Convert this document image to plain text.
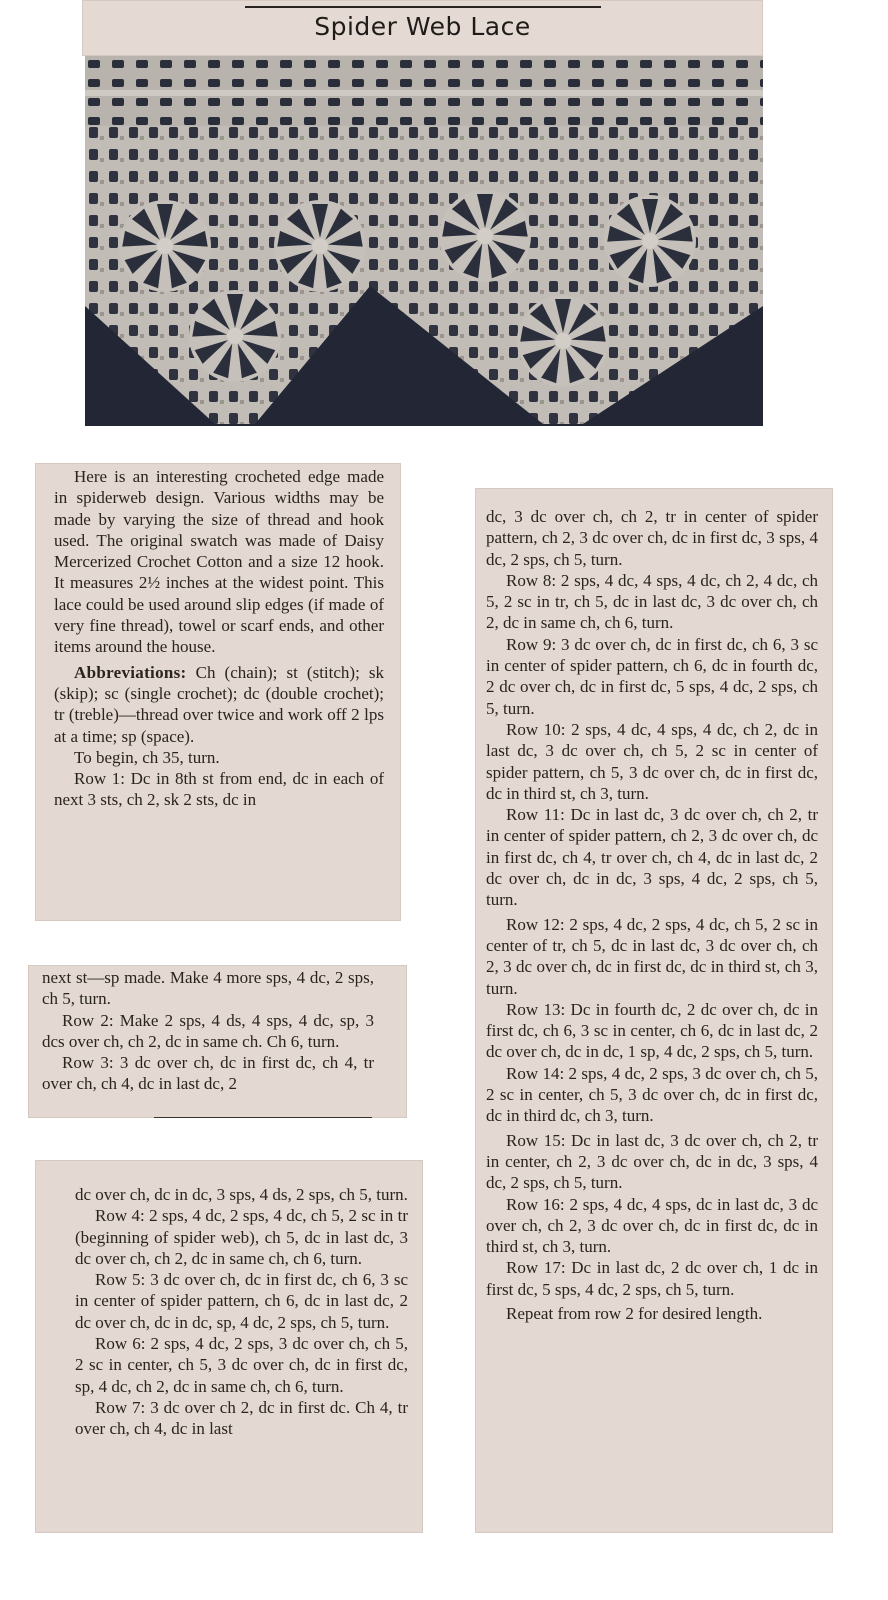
Spider Web Lace

Here is an interesting crocheted edge made in spiderweb design. Various widths may be made by varying the size of thread and hook used. The original swatch was made of Daisy Mercerized Crochet Cotton and a size 12 hook. It measures 2½ inches at the widest point. This lace could be used around slip edges (if made of very fine thread), towel or scarf ends, and other items around the house.

Abbreviations: Ch (chain); st (stitch); sk (skip); sc (single crochet); dc (double crochet); tr (treble)—thread over twice and work off 2 lps at a time; sp (space).

To begin, ch 35, turn.

Row 1: Dc in 8th st from end, dc in each of next 3 sts, ch 2, sk 2 sts, dc in

next st—sp made. Make 4 more sps, 4 dc, 2 sps, ch 5, turn.

Row 2: Make 2 sps, 4 ds, 4 sps, 4 dc, sp, 3 dcs over ch, ch 2, dc in same ch. Ch 6, turn.

Row 3: 3 dc over ch, dc in first dc, ch 4, tr over ch, ch 4, dc in last dc, 2

dc over ch, dc in dc, 3 sps, 4 ds, 2 sps, ch 5, turn.

Row 4: 2 sps, 4 dc, 2 sps, 4 dc, ch 5, 2 sc in tr (beginning of spider web), ch 5, dc in last dc, 3 dc over ch, ch 2, dc in same ch, ch 6, turn.

Row 5: 3 dc over ch, dc in first dc, ch 6, 3 sc in center of spider pattern, ch 6, dc in last dc, 2 dc over ch, dc in dc, sp, 4 dc, 2 sps, ch 5, turn.

Row 6: 2 sps, 4 dc, 2 sps, 3 dc over ch, ch 5, 2 sc in center, ch 5, 3 dc over ch, dc in first dc, sp, 4 dc, ch 2, dc in same ch, ch 6, turn.

Row 7: 3 dc over ch 2, dc in first dc. Ch 4, tr over ch, ch 4, dc in last

dc, 3 dc over ch, ch 2, tr in center of spider pattern, ch 2, 3 dc over ch, dc in first dc, 3 sps, 4 dc, 2 sps, ch 5, turn.

Row 8: 2 sps, 4 dc, 4 sps, 4 dc, ch 2, 4 dc, ch 5, 2 sc in tr, ch 5, dc in last dc, 3 dc over ch, ch 2, dc in same ch, ch 6, turn.

Row 9: 3 dc over ch, dc in first dc, ch 6, 3 sc in center of spider pattern, ch 6, dc in fourth dc, 2 dc over ch, dc in first dc, 5 sps, 4 dc, 2 sps, ch 5, turn.

Row 10: 2 sps, 4 dc, 4 sps, 4 dc, ch 2, dc in last dc, 3 dc over ch, ch 5, 2 sc in center of spider pattern, ch 5, 3 dc over ch, dc in first dc, dc in third st, ch 3, turn.

Row 11: Dc in last dc, 3 dc over ch, ch 2, tr in center of spider pattern, ch 2, 3 dc over ch, dc in first dc, ch 4, tr over ch, ch 4, dc in last dc, 2 dc over ch, dc in dc, 3 sps, 4 dc, 2 sps, ch 5, turn.

Row 12: 2 sps, 4 dc, 2 sps, 4 dc, ch 5, 2 sc in center of tr, ch 5, dc in last dc, 3 dc over ch, ch 2, 3 dc over ch, dc in first dc, dc in third st, ch 3, turn.

Row 13: Dc in fourth dc, 2 dc over ch, dc in first dc, ch 6, 3 sc in center, ch 6, dc in last dc, 2 dc over ch, dc in dc, 1 sp, 4 dc, 2 sps, ch 5, turn.

Row 14: 2 sps, 4 dc, 2 sps, 3 dc over ch, ch 5, 2 sc in center, ch 5, 3 dc over ch, dc in first dc, dc in third dc, ch 3, turn.

Row 15: Dc in last dc, 3 dc over ch, ch 2, tr in center, ch 2, 3 dc over ch, dc in dc, 3 sps, 4 dc, 2 sps, ch 5, turn.

Row 16: 2 sps, 4 dc, 4 sps, dc in last dc, 3 dc over ch, ch 2, 3 dc over ch, dc in first dc, dc in third st, ch 3, turn.

Row 17: Dc in last dc, 2 dc over ch, 1 dc in first dc, 5 sps, 4 dc, 2 sps, ch 5, turn.

Repeat from row 2 for desired length.
